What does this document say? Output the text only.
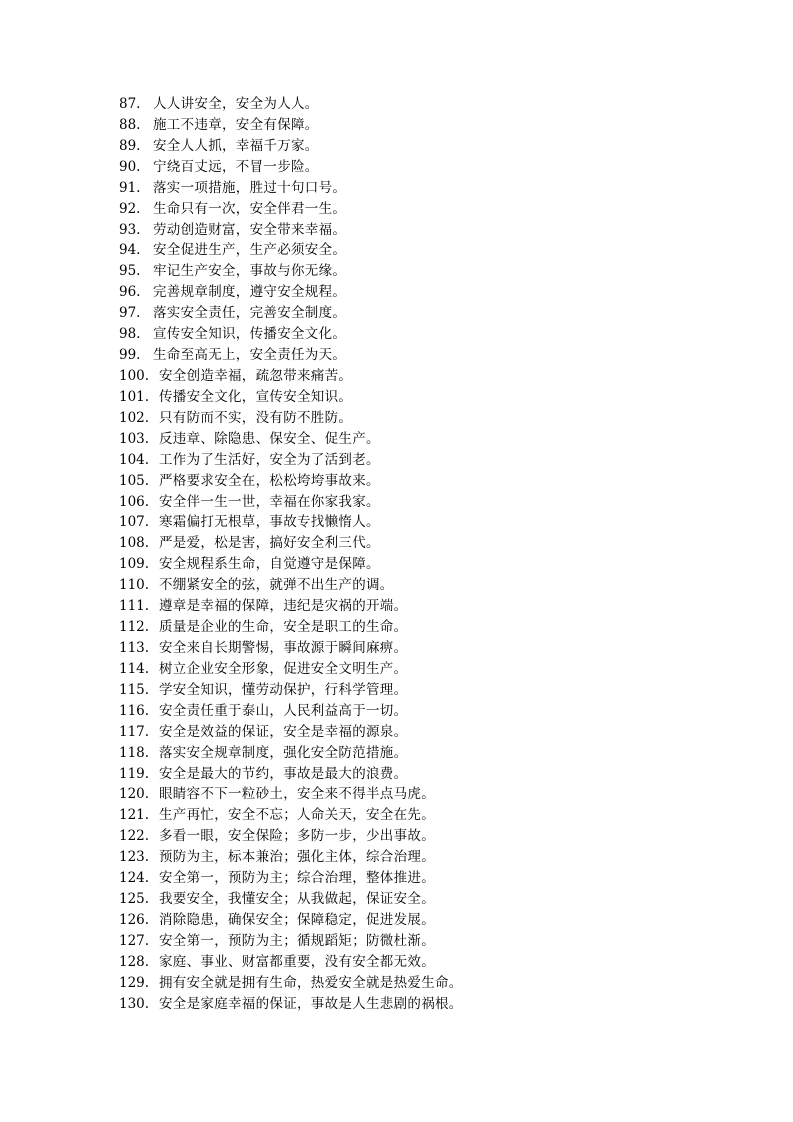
87. 人人讲安全，安全为人人。
88. 施工不违章，安全有保障。
89. 安全人人抓，幸福千万家。
90. 宁绕百丈远，不冒一步险。
91. 落实一项措施，胜过十句口号。
92. 生命只有一次，安全伴君一生。
93. 劳动创造财富，安全带来幸福。
94. 安全促进生产，生产必须安全。
95. 牢记生产安全，事故与你无缘。
96. 完善规章制度，遵守安全规程。
97. 落实安全责任，完善安全制度。
98. 宣传安全知识，传播安全文化。
99. 生命至高无上，安全责任为天。
100. 安全创造幸福，疏忽带来痛苦。
101. 传播安全文化，宣传安全知识。
102. 只有防而不实，没有防不胜防。
103. 反违章、除隐患、保安全、促生产。
104. 工作为了生活好，安全为了活到老。
105. 严格要求安全在，松松垮垮事故来。
106. 安全伴一生一世，幸福在你家我家。
107. 寒霜偏打无根草，事故专找懒惰人。
108. 严是爱，松是害，搞好安全利三代。
109. 安全规程系生命，自觉遵守是保障。
110. 不绷紧安全的弦，就弹不出生产的调。
111. 遵章是幸福的保障，违纪是灾祸的开端。
112. 质量是企业的生命，安全是职工的生命。
113. 安全来自长期警惕，事故源于瞬间麻痹。
114. 树立企业安全形象，促进安全文明生产。
115. 学安全知识，懂劳动保护，行科学管理。
116. 安全责任重于泰山，人民利益高于一切。
117. 安全是效益的保证，安全是幸福的源泉。
118. 落实安全规章制度，强化安全防范措施。
119. 安全是最大的节约，事故是最大的浪费。
120. 眼睛容不下一粒砂土，安全来不得半点马虎。
121. 生产再忙，安全不忘；人命关天，安全在先。
122. 多看一眼，安全保险；多防一步，少出事故。
123. 预防为主，标本兼治；强化主体，综合治理。
124. 安全第一，预防为主；综合治理，整体推进。
125. 我要安全，我懂安全；从我做起，保证安全。
126. 消除隐患，确保安全；保障稳定，促进发展。
127. 安全第一，预防为主；循规蹈矩；防微杜渐。
128. 家庭、事业、财富都重要，没有安全都无效。
129. 拥有安全就是拥有生命，热爱安全就是热爱生命。
130. 安全是家庭幸福的保证，事故是人生悲剧的祸根。
